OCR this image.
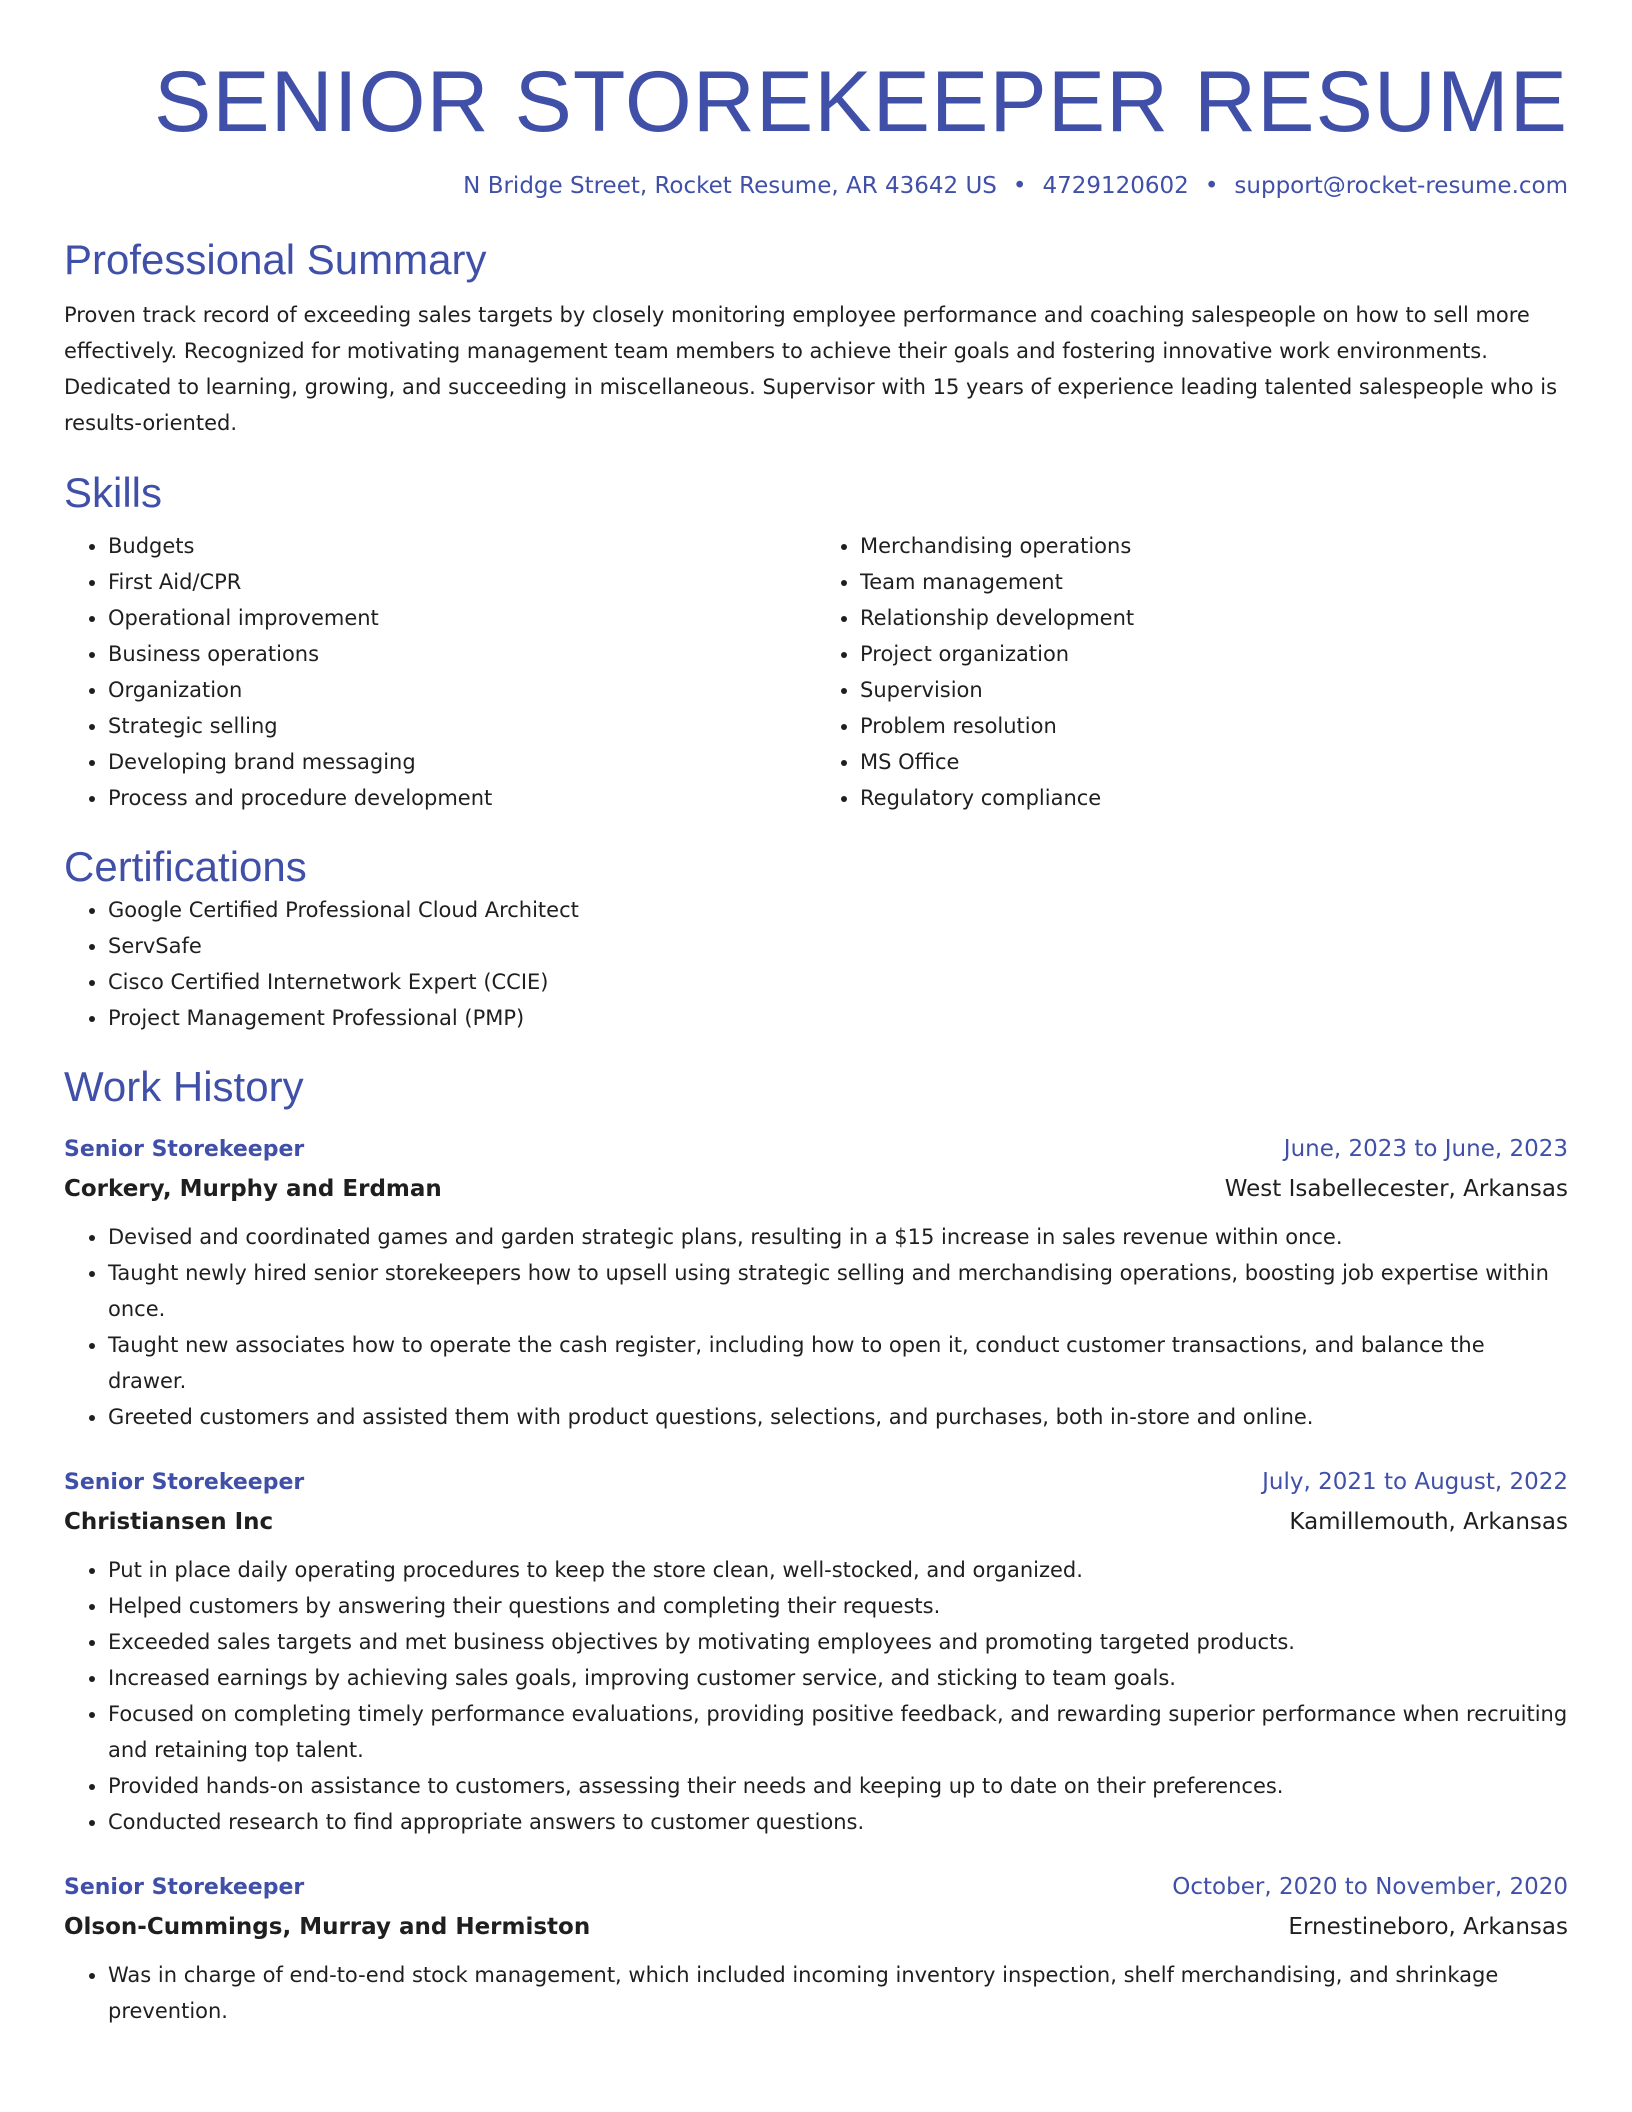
SENIOR STOREKEEPER RESUME
N Bridge Street, Rocket Resume, AR 43642 US • 4729120602 • support@rocket-resume.com
Professional Summary
Proven track record of exceeding sales targets by closely monitoring employee performance and coaching salespeople on how to sell more effectively. Recognized for motivating management team members to achieve their goals and fostering innovative work environments. Dedicated to learning, growing, and succeeding in miscellaneous. Supervisor with 15 years of experience leading talented salespeople who is results-oriented.
Skills
• Budgets
• First Aid/CPR
• Operational improvement
• Business operations
• Organization
• Strategic selling
• Developing brand messaging
• Process and procedure development
• Merchandising operations
• Team management
• Relationship development
• Project organization
• Supervision
• Problem resolution
• MS Office
• Regulatory compliance
Certifications
• Google Certified Professional Cloud Architect
• ServSafe
• Cisco Certified Internetwork Expert (CCIE)
• Project Management Professional (PMP)
Work History
Senior Storekeeper	June, 2023 to June, 2023
Corkery, Murphy and Erdman	West Isabellecester, Arkansas
• Devised and coordinated games and garden strategic plans, resulting in a $15 increase in sales revenue within once.
• Taught newly hired senior storekeepers how to upsell using strategic selling and merchandising operations, boosting job expertise within once.
• Taught new associates how to operate the cash register, including how to open it, conduct customer transactions, and balance the drawer.
• Greeted customers and assisted them with product questions, selections, and purchases, both in-store and online.
Senior Storekeeper	July, 2021 to August, 2022
Christiansen Inc	Kamillemouth, Arkansas
• Put in place daily operating procedures to keep the store clean, well-stocked, and organized.
• Helped customers by answering their questions and completing their requests.
• Exceeded sales targets and met business objectives by motivating employees and promoting targeted products.
• Increased earnings by achieving sales goals, improving customer service, and sticking to team goals.
• Focused on completing timely performance evaluations, providing positive feedback, and rewarding superior performance when recruiting and retaining top talent.
• Provided hands-on assistance to customers, assessing their needs and keeping up to date on their preferences.
• Conducted research to find appropriate answers to customer questions.
Senior Storekeeper	October, 2020 to November, 2020
Olson-Cummings, Murray and Hermiston	Ernestineboro, Arkansas
• Was in charge of end-to-end stock management, which included incoming inventory inspection, shelf merchandising, and shrinkage prevention.
